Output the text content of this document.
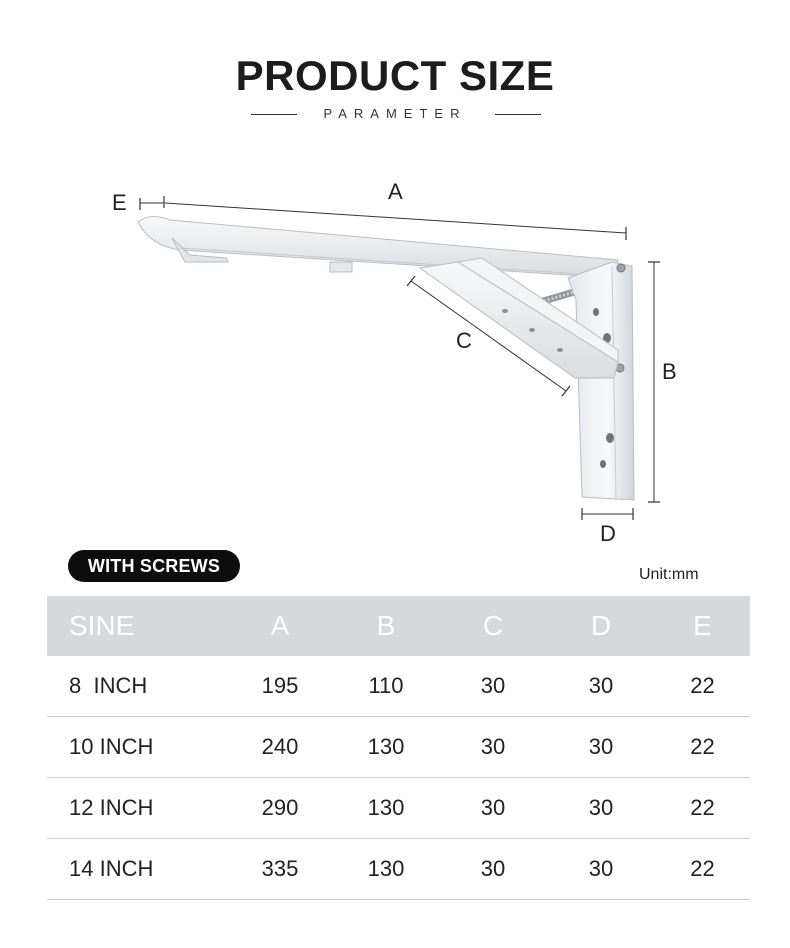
PRODUCT SIZE
PARAMETER
E	A
C
B
D
WITH SCREWS	Unit:mm
SINE	A	B	C	D	E
8  INCH	195	110	30	30	22
10 INCH	240	130	30	30	22
12 INCH	290	130	30	30	22
14 INCH	335	130	30	30	22
